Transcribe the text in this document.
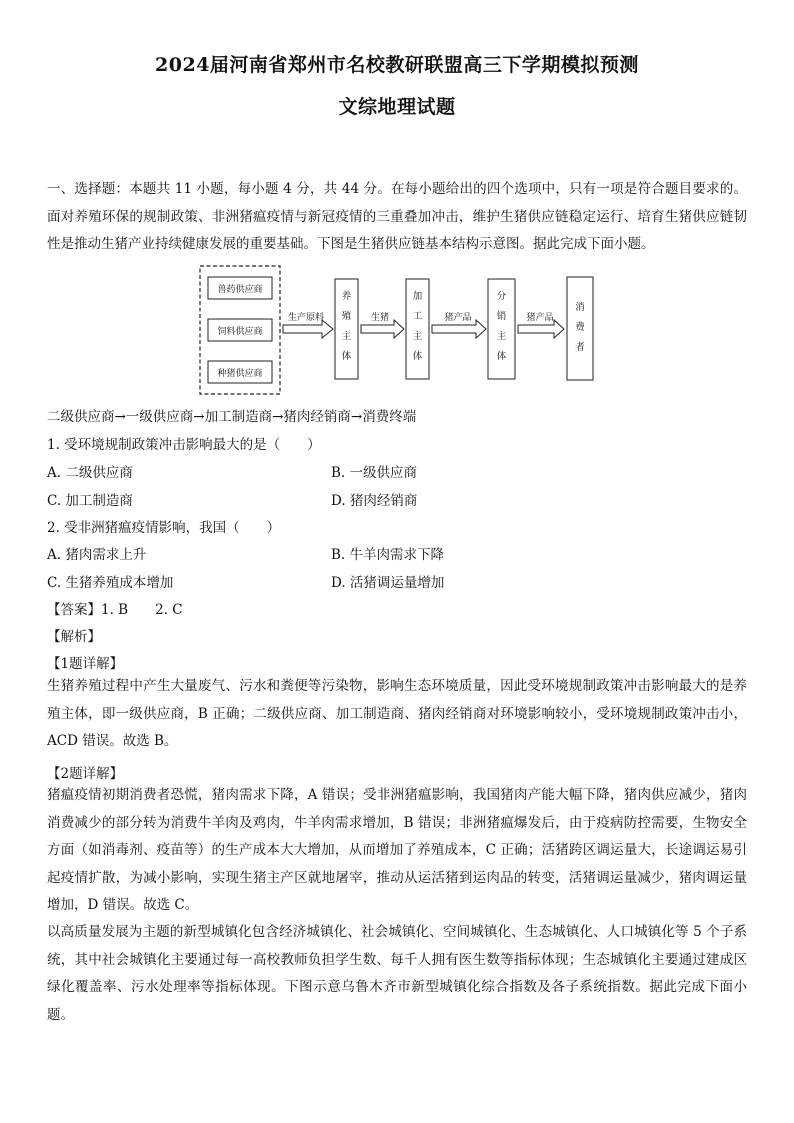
2024届河南省郑州市名校教研联盟高三下学期模拟预测
文综地理试题
一、选择题：本题共 11 小题，每小题 4 分，共 44 分。在每小题给出的四个选项中，只有一项是符合题目要求的。面对养殖环保的规制政策、非洲猪瘟疫情与新冠疫情的三重叠加冲击，维护生猪供应链稳定运行、培育生猪供应链韧性是推动生猪产业持续健康发展的重要基础。下图是生猪供应链基本结构示意图。据此完成下面小题。
兽药供应商
饲料供应商
种猪供应商
生产原料
养殖主体
生猪
加工主体
猪产品
分销主体
猪产品
消费者
二级供应商→一级供应商→加工制造商→猪肉经销商→消费终端
1. 受环境规制政策冲击影响最大的是（　　）
A. 二级供应商	B. 一级供应商
C. 加工制造商	D. 猪肉经销商
2. 受非洲猪瘟疫情影响，我国（　　）
A. 猪肉需求上升	B. 牛羊肉需求下降
C. 生猪养殖成本增加	D. 活猪调运量增加
【答案】1. B　　2. C
【解析】
【1题详解】
生猪养殖过程中产生大量废气、污水和粪便等污染物，影响生态环境质量，因此受环境规制政策冲击影响最大的是养殖主体，即一级供应商，B 正确；二级供应商、加工制造商、猪肉经销商对环境影响较小，受环境规制政策冲击小，ACD 错误。故选 B。
【2题详解】
猪瘟疫情初期消费者恐慌，猪肉需求下降，A 错误；受非洲猪瘟影响，我国猪肉产能大幅下降，猪肉供应减少，猪肉消费减少的部分转为消费牛羊肉及鸡肉，牛羊肉需求增加，B 错误；非洲猪瘟爆发后，由于疫病防控需要，生物安全方面（如消毒剂、疫苗等）的生产成本大大增加，从而增加了养殖成本，C 正确；活猪跨区调运量大，长途调运易引起疫情扩散，为减小影响，实现生猪主产区就地屠宰，推动从运活猪到运肉品的转变，活猪调运量减少，猪肉调运量增加，D 错误。故选 C。
以高质量发展为主题的新型城镇化包含经济城镇化、社会城镇化、空间城镇化、生态城镇化、人口城镇化等 5 个子系统，其中社会城镇化主要通过每一高校教师负担学生数、每千人拥有医生数等指标体现；生态城镇化主要通过建成区绿化覆盖率、污水处理率等指标体现。下图示意乌鲁木齐市新型城镇化综合指数及各子系统指数。据此完成下面小题。
